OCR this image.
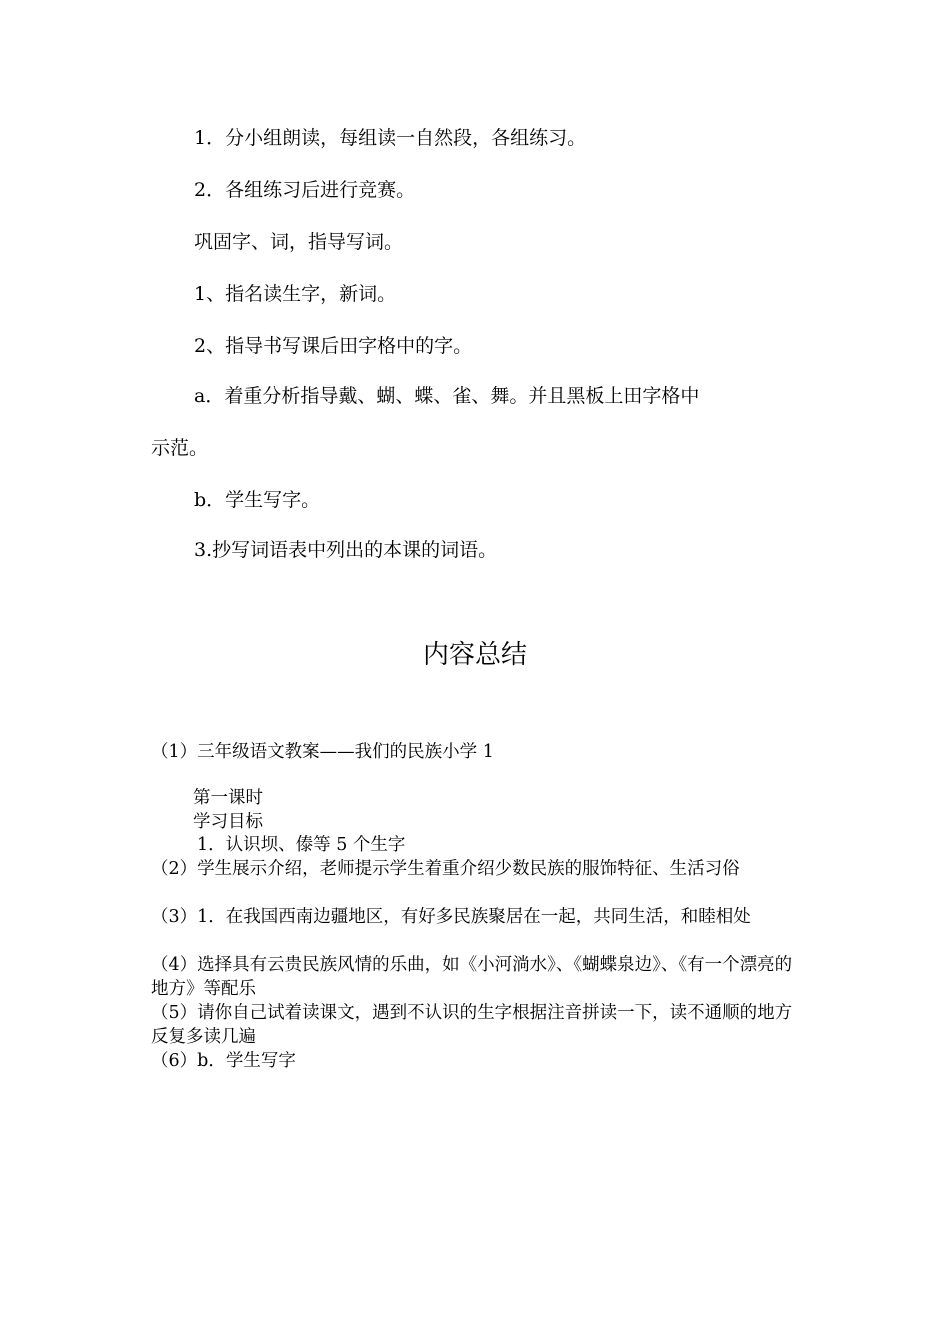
1．分小组朗读，每组读一自然段，各组练习。

2．各组练习后进行竞赛。

巩固字、词，指导写词。

1、指名读生字，新词。

2、指导书写课后田字格中的字。

a．着重分析指导戴、蝴、蝶、雀、舞。并且黑板上田字格中

示范。

b．学生写字。

3.抄写词语表中列出的本课的词语。

内容总结

（1）三年级语文教案——我们的民族小学 1

第一课时

学习目标

1．认识坝、傣等 5 个生字

（2）学生展示介绍，老师提示学生着重介绍少数民族的服饰特征、生活习俗

（3）1．在我国西南边疆地区，有好多民族聚居在一起，共同生活，和睦相处

（4）选择具有云贵民族风情的乐曲，如《小河淌水》、《蝴蝶泉边》、《有一个漂亮的地方》等配乐

（5）请你自己试着读课文，遇到不认识的生字根据注音拼读一下，读不通顺的地方反复多读几遍

（6）b．学生写字
